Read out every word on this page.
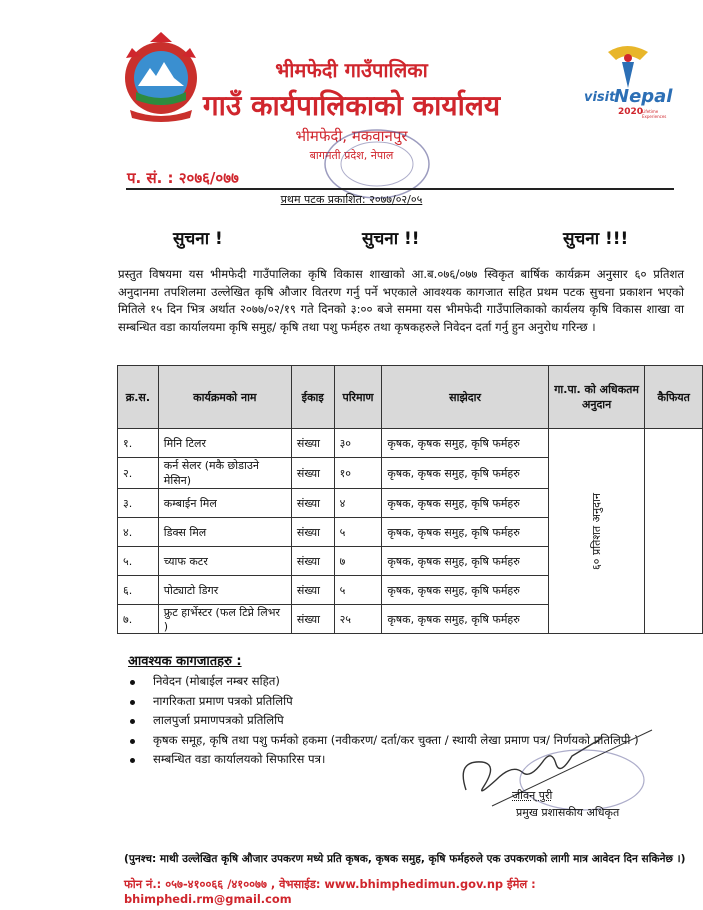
visit
Nepal
2020
Lifetime Experiences
भीमफेदी गाउँपालिका
गाउँ कार्यपालिकाको कार्यालय
भीमफेदी, मकवानपुर
बागमती प्रदेश, नेपाल
प. सं. : २०७६/०७७
प्रथम पटक प्रकाशित: २०७७/०२/०५
सुचना !	सुचना !!	सुचना !!!
प्रस्तुत विषयमा यस भीमफेदी गाउँपालिका कृषि विकास शाखाको आ.ब.०७६/०७७ स्विकृत बार्षिक कार्यक्रम अनुसार ६० प्रतिशत अनुदानमा तपशिलमा उल्लेखित कृषि औजार वितरण गर्नु पर्ने भएकाले आवश्यक कागजात सहित प्रथम पटक सुचना प्रकाशन भएको मितिले १५ दिन भित्र अर्थात २०७७/०२/१९ गते दिनको ३:०० बजे सममा यस भीमफेदी गाउँपालिकाको कार्यलय कृषि विकास शाखा वा सम्बन्धित वडा कार्यालयमा कृषि समुह/ कृषि तथा पशु फर्महरु तथा कृषकहरुले निवेदन दर्ता गर्नु हुन अनुरोध गरिन्छ ।
क्र.स.	कार्यक्रमको नाम	ईकाइ	परिमाण	साझेदार	गा.पा. को अधिकतम अनुदान	कैफियत
१.	मिनि टिलर	संख्या	३०	कृषक, कृषक समुह, कृषि फर्महरु	६० प्रतिशत अनुदान	
२.	कर्न सेलर (मकै छोडाउने मेसिन)	संख्या	१०	कृषक, कृषक समुह, कृषि फर्महरु		
३.	कम्बाईन मिल	संख्या	४	कृषक, कृषक समुह, कृषि फर्महरु		
४.	डिक्स मिल	संख्या	५	कृषक, कृषक समुह, कृषि फर्महरु		
५.	च्याफ कटर	संख्या	७	कृषक, कृषक समुह, कृषि फर्महरु		
६.	पोट्याटो डिगर	संख्या	५	कृषक, कृषक समुह, कृषि फर्महरु		
७.	फ्रुट हार्भेस्टर (फल टिप्ने लिभर )	संख्या	२५	कृषक, कृषक समुह, कृषि फर्महरु		
आवश्यक कागजातहरु :
निवेदन (मोबाईल नम्बर सहित)
नागरिकता प्रमाण पत्रको प्रतिलिपि
लालपुर्जा प्रमाणपत्रको प्रतिलिपि
कृषक समूह, कृषि तथा पशु फर्मको हकमा (नवीकरण/ दर्ता/कर चुक्ता / स्थायी लेखा प्रमाण पत्र/ निर्णयको प्रतिलिपी )
सम्बन्धित वडा कार्यालयको सिफारिस पत्र।
जीवन् पुरी
प्रमुख प्रशासकीय अधिकृत
(पुनश्च: माथी उल्लेखित कृषि औजार उपकरण मध्ये प्रति कृषक, कृषक समुह, कृषि फर्महरुले एक उपकरणको लागी मात्र आवेदन दिन सकिनेछ ।)
फोन नं.: ०५७-४१००६६ /४१००७७ , वेभसाईड: www.bhimphedimun.gov.np ईमेल : bhimphedi.rm@gmail.com
